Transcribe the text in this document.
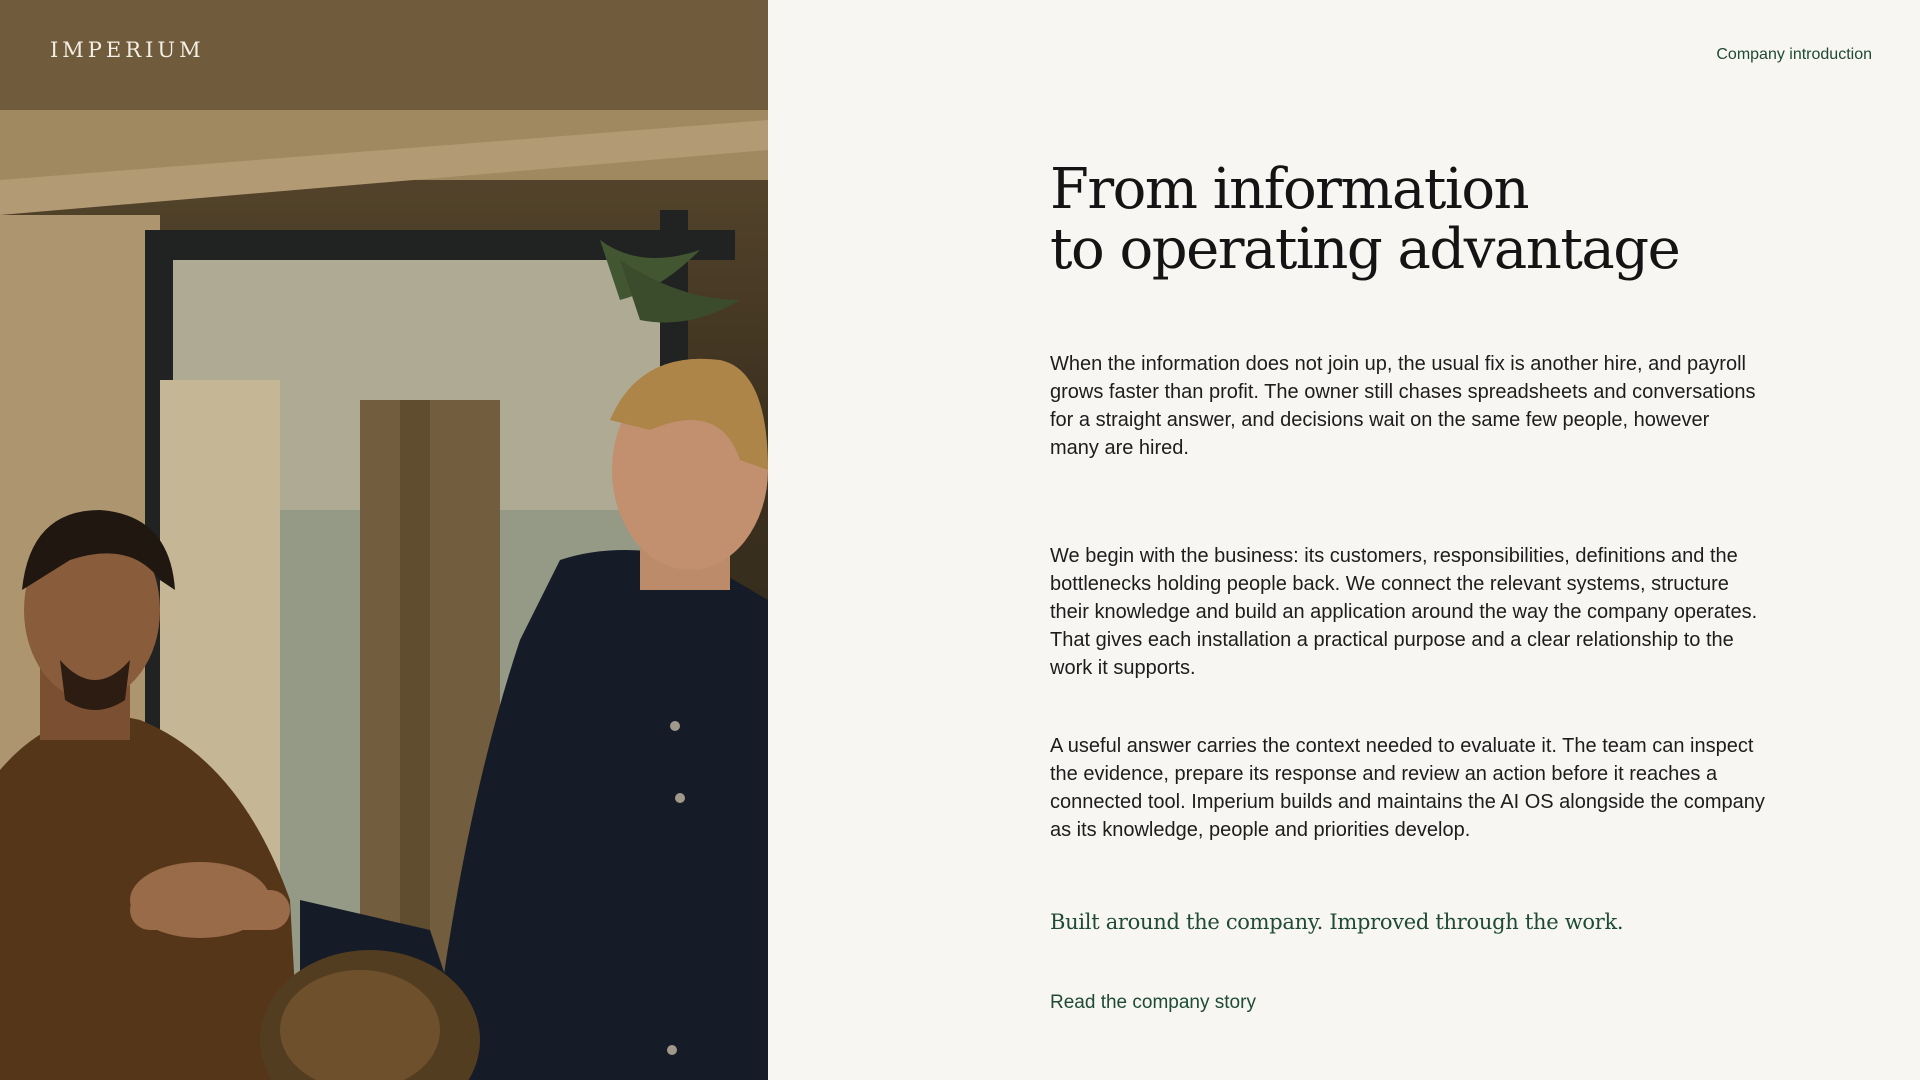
IMPERIUM	Company introduction
From information
to operating advantage

When the information does not join up, the usual fix is another hire, and payroll grows faster than profit. The owner still chases spreadsheets and conversations for a straight answer, and decisions wait on the same few people, however many are hired.

We begin with the business: its customers, responsibilities, definitions and the bottlenecks holding people back. We connect the relevant systems, structure their knowledge and build an application around the way the company operates. That gives each installation a practical purpose and a clear relationship to the work it supports.

A useful answer carries the context needed to evaluate it. The team can inspect the evidence, prepare its response and review an action before it reaches a connected tool. Imperium builds and maintains the AI OS alongside the company as its knowledge, people and priorities develop.

Built around the company. Improved through the work.
Read the company story
